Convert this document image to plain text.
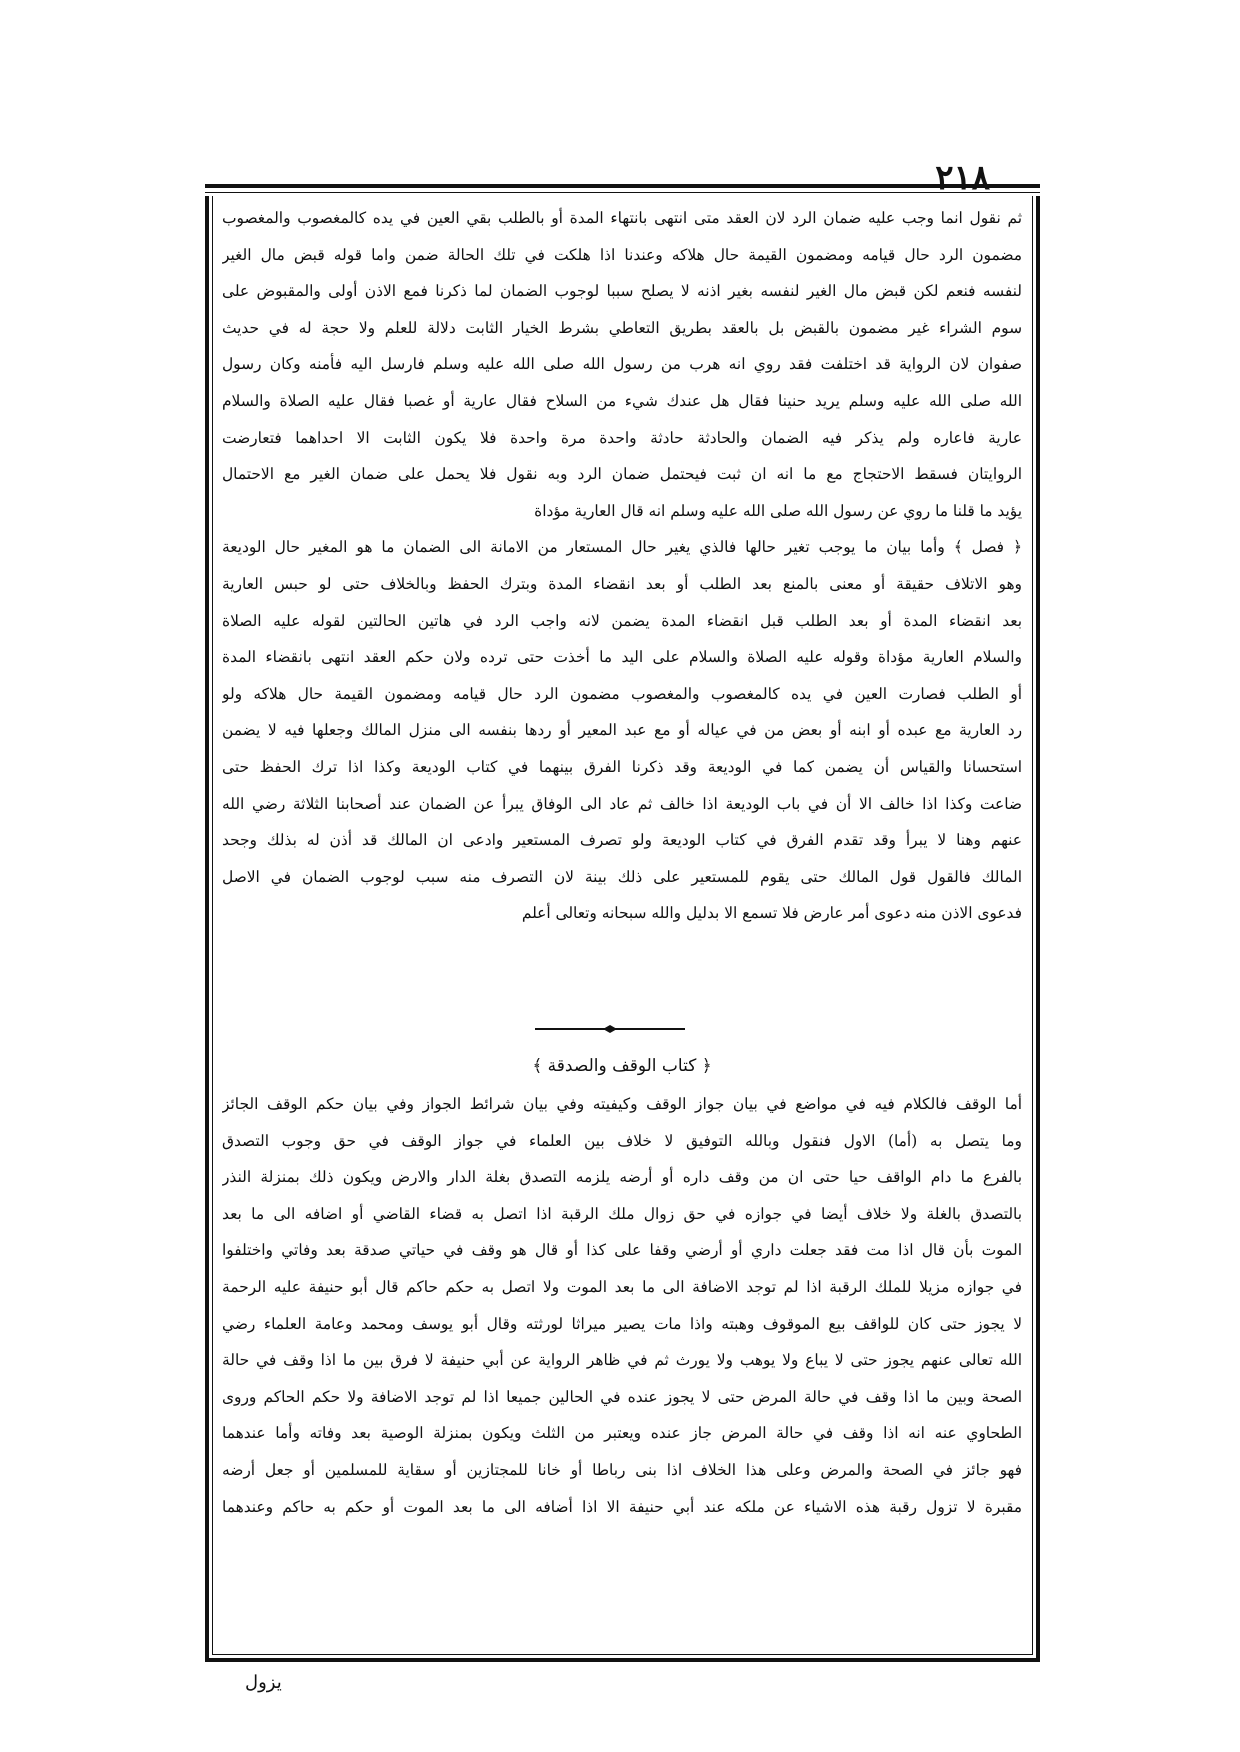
٢١٨
ثم نقول انما وجب عليه ضمان الرد لان العقد متى انتهى بانتهاء المدة أو بالطلب بقي العين في يده كالمغصوب والمغصوب
مضمون الرد حال قيامه ومضمون القيمة حال هلاكه وعندنا اذا هلكت في تلك الحالة ضمن واما قوله قبض مال الغير
لنفسه فنعم لكن قبض مال الغير لنفسه بغير اذنه لا يصلح سببا لوجوب الضمان لما ذكرنا فمع الاذن أولى والمقبوض على
سوم الشراء غير مضمون بالقبض بل بالعقد بطريق التعاطي بشرط الخيار الثابت دلالة للعلم ولا حجة له في حديث
صفوان لان الرواية قد اختلفت فقد روي انه هرب من رسول الله صلى الله عليه وسلم فارسل اليه فأمنه وكان رسول
الله صلى الله عليه وسلم يريد حنينا فقال هل عندك شيء من السلاح فقال عارية أو غصبا فقال عليه الصلاة والسلام
عارية فاعاره ولم يذكر فيه الضمان والحادثة حادثة واحدة مرة واحدة فلا يكون الثابت الا احداهما فتعارضت
الروايتان فسقط الاحتجاج مع ما انه ان ثبت فيحتمل ضمان الرد وبه نقول فلا يحمل على ضمان الغير مع الاحتمال
يؤيد ما قلنا ما روي عن رسول الله صلى الله عليه وسلم انه قال العارية مؤداة
﴿ فصل ﴾ وأما بيان ما يوجب تغير حالها فالذي يغير حال المستعار من الامانة الى الضمان ما هو المغير حال الوديعة
وهو الاتلاف حقيقة أو معنى بالمنع بعد الطلب أو بعد انقضاء المدة وبترك الحفظ وبالخلاف حتى لو حبس العارية
بعد انقضاء المدة أو بعد الطلب قبل انقضاء المدة يضمن لانه واجب الرد في هاتين الحالتين لقوله عليه الصلاة
والسلام العارية مؤداة وقوله عليه الصلاة والسلام على اليد ما أخذت حتى ترده ولان حكم العقد انتهى بانقضاء المدة
أو الطلب فصارت العين في يده كالمغصوب والمغصوب مضمون الرد حال قيامه ومضمون القيمة حال هلاكه ولو
رد العارية مع عبده أو ابنه أو بعض من في عياله أو مع عبد المعير أو ردها بنفسه الى منزل المالك وجعلها فيه لا يضمن
استحسانا والقياس أن يضمن كما في الوديعة وقد ذكرنا الفرق بينهما في كتاب الوديعة وكذا اذا ترك الحفظ حتى
ضاعت وكذا اذا خالف الا أن في باب الوديعة اذا خالف ثم عاد الى الوفاق يبرأ عن الضمان عند أصحابنا الثلاثة رضي الله
عنهم وهنا لا يبرأ وقد تقدم الفرق في كتاب الوديعة ولو تصرف المستعير وادعى ان المالك قد أذن له بذلك وجحد
المالك فالقول قول المالك حتى يقوم للمستعير على ذلك بينة لان التصرف منه سبب لوجوب الضمان في الاصل
فدعوى الاذن منه دعوى أمر عارض فلا تسمع الا بدليل والله سبحانه وتعالى أعلم
﴿ كتاب الوقف والصدقة ﴾
أما الوقف فالكلام فيه في مواضع في بيان جواز الوقف وكيفيته وفي بيان شرائط الجواز وفي بيان حكم الوقف الجائز
وما يتصل به (أما) الاول فنقول وبالله التوفيق لا خلاف بين العلماء في جواز الوقف في حق وجوب التصدق
بالفرع ما دام الواقف حيا حتى ان من وقف داره أو أرضه يلزمه التصدق بغلة الدار والارض ويكون ذلك بمنزلة النذر
بالتصدق بالغلة ولا خلاف أيضا في جوازه في حق زوال ملك الرقبة اذا اتصل به قضاء القاضي أو اضافه الى ما بعد
الموت بأن قال اذا مت فقد جعلت داري أو أرضي وقفا على كذا أو قال هو وقف في حياتي صدقة بعد وفاتي واختلفوا
في جوازه مزيلا للملك الرقبة اذا لم توجد الاضافة الى ما بعد الموت ولا اتصل به حكم حاكم قال أبو حنيفة عليه الرحمة
لا يجوز حتى كان للواقف بيع الموقوف وهبته واذا مات يصير ميراثا لورثته وقال أبو يوسف ومحمد وعامة العلماء رضي
الله تعالى عنهم يجوز حتى لا يباع ولا يوهب ولا يورث ثم في ظاهر الرواية عن أبي حنيفة لا فرق بين ما اذا وقف في حالة
الصحة وبين ما اذا وقف في حالة المرض حتى لا يجوز عنده في الحالين جميعا اذا لم توجد الاضافة ولا حكم الحاكم وروى
الطحاوي عنه انه اذا وقف في حالة المرض جاز عنده ويعتبر من الثلث ويكون بمنزلة الوصية بعد وفاته وأما عندهما
فهو جائز في الصحة والمرض وعلى هذا الخلاف اذا بنى رباطا أو خانا للمجتازين أو سقاية للمسلمين أو جعل أرضه
مقبرة لا تزول رقبة هذه الاشياء عن ملكه عند أبي حنيفة الا اذا أضافه الى ما بعد الموت أو حكم به حاكم وعندهما
يزول
